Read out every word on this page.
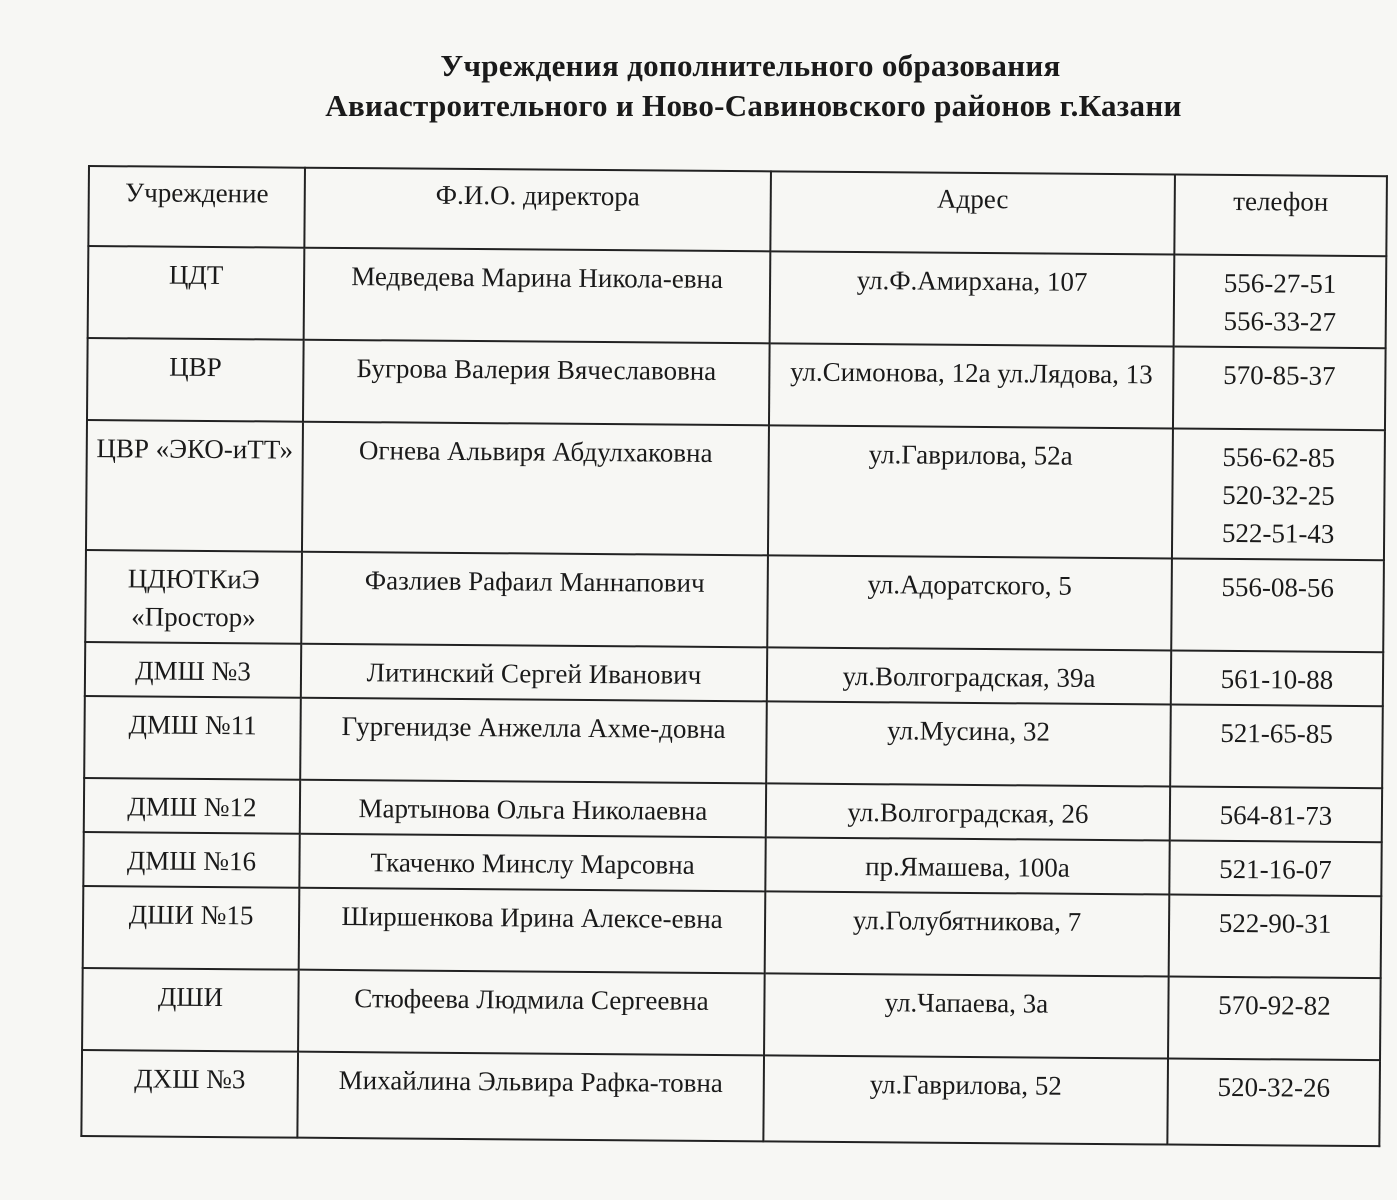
Учреждения дополнительного образования
Авиастроительного и Ново-Савиновского районов г.Казани
Учреждение	Ф.И.О. директора	Адрес	телефон

ЦДТ	Медведева Марина Никола-евна	ул.Ф.Амирхана, 107	556-27-51
556-33-27

ЦВР	Бугрова Валерия Вячеславовна	ул.Симонова, 12а ул.Лядова, 13	570-85-37

ЦВР «ЭКО-иТТ»	Огнева Альвиря Абдулхаковна	ул.Гаврилова, 52а	556-62-85
520-32-25
522-51-43

ЦДЮТКиЭ «Простор»	Фазлиев Рафаил Маннапович	ул.Адоратского, 5	556-08-56

ДМШ №3	Литинский Сергей Иванович	ул.Волгоградская, 39а	561-10-88

ДМШ №11	Гургенидзе Анжелла Ахме-довна	ул.Мусина, 32	521-65-85

ДМШ №12	Мартынова Ольга Николаевна	ул.Волгоградская, 26	564-81-73

ДМШ №16	Ткаченко Минслу Марсовна	пр.Ямашева, 100а	521-16-07

ДШИ №15	Ширшенкова Ирина Алексе-евна	ул.Голубятникова, 7	522-90-31

ДШИ	Стюфеева Людмила Сергеевна	ул.Чапаева, 3а	570-92-82

ДХШ №3	Михайлина Эльвира Рафка-товна	ул.Гаврилова, 52	520-32-26
